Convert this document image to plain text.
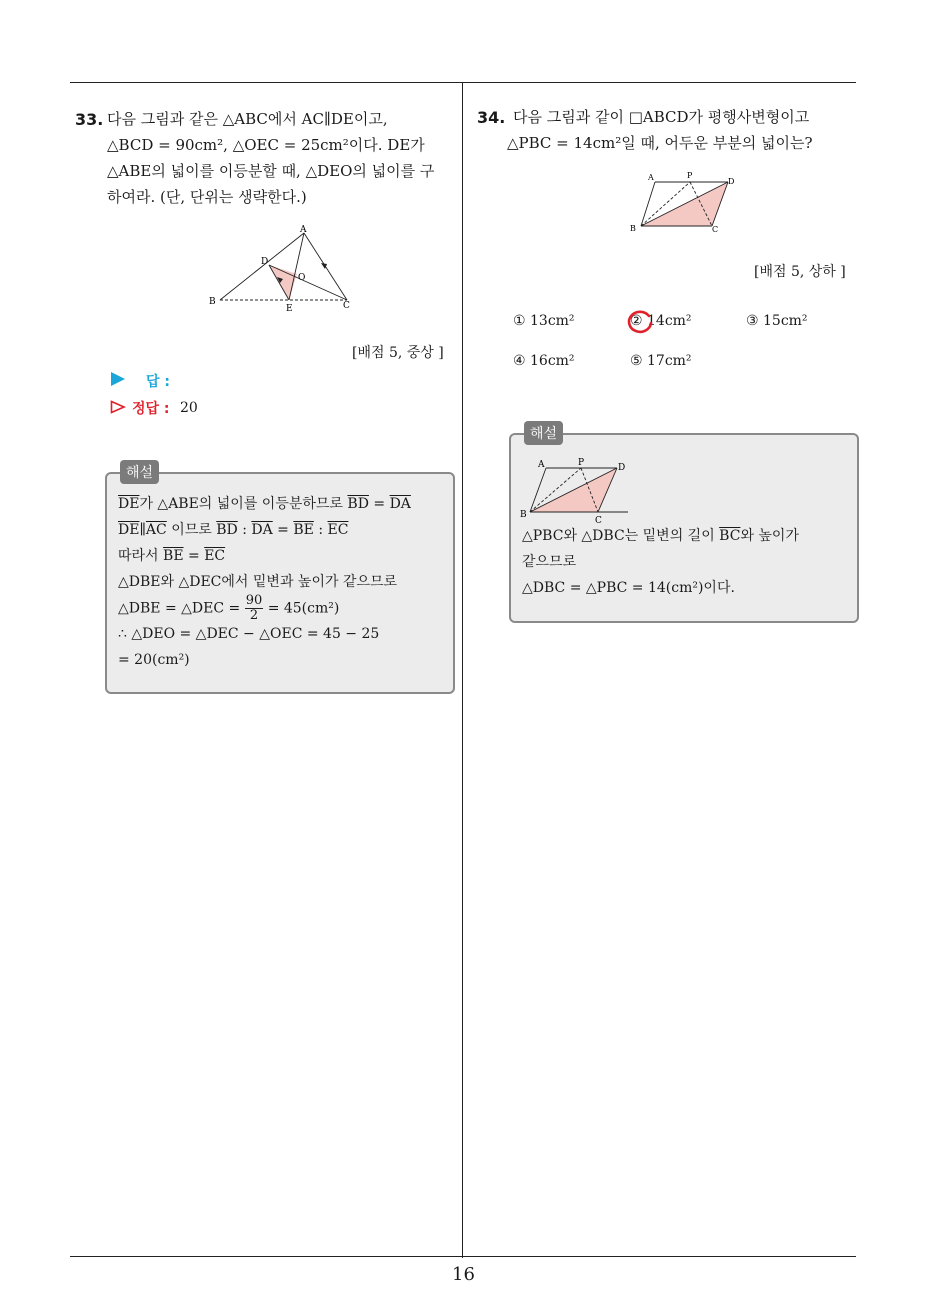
33. 다음 그림과 같은 △ABC에서 AC∥DE이고,
△BCD = 90cm², △OEC = 25cm²이다. DE가
△ABE의 넓이를 이등분할 때, △DEO의 넓이를 구
하여라. (단, 단위는 생략한다.)
A
B	C
D
E
O
[배점 5, 중상 ]
답 :
정답 : 20
해설
$\overline{DE}$가 △ABE의 넓이를 이등분하므로 $\overline{BD} = \overline{DA}$
$\overline{DE}\parallel\overline{AC}$ 이므로 $\overline{BD}$ : $\overline{DA} = \overline{BE}$ : $\overline{EC}$
따라서 $\overline{BE} = \overline{EC}$
△DBE와 △DEC에서 밑변과 높이가 같으므로
△DBE = △DEC = $\frac{90}{2} = 45(cm^2)$
∴ △DEO = △DEC − △OEC = 45 − 25
= 20(cm²)
34. 다음 그림과 같이 □ABCD가 평행사변형이고
△PBC = 14cm²일 때, 어두운 부분의 넓이는?
A	P
D
B	C
[배점 5, 상하 ]
① 13cm²	② 14cm²	③ 15cm²
④ 16cm²	⑤ 17cm²
해설
A	P	D
B
C
△PBC와 △DBC는 밑변의 길이 $\overline{BC}$와 높이가
같으므로
△DBC = △PBC = 14(cm²)이다.
16
